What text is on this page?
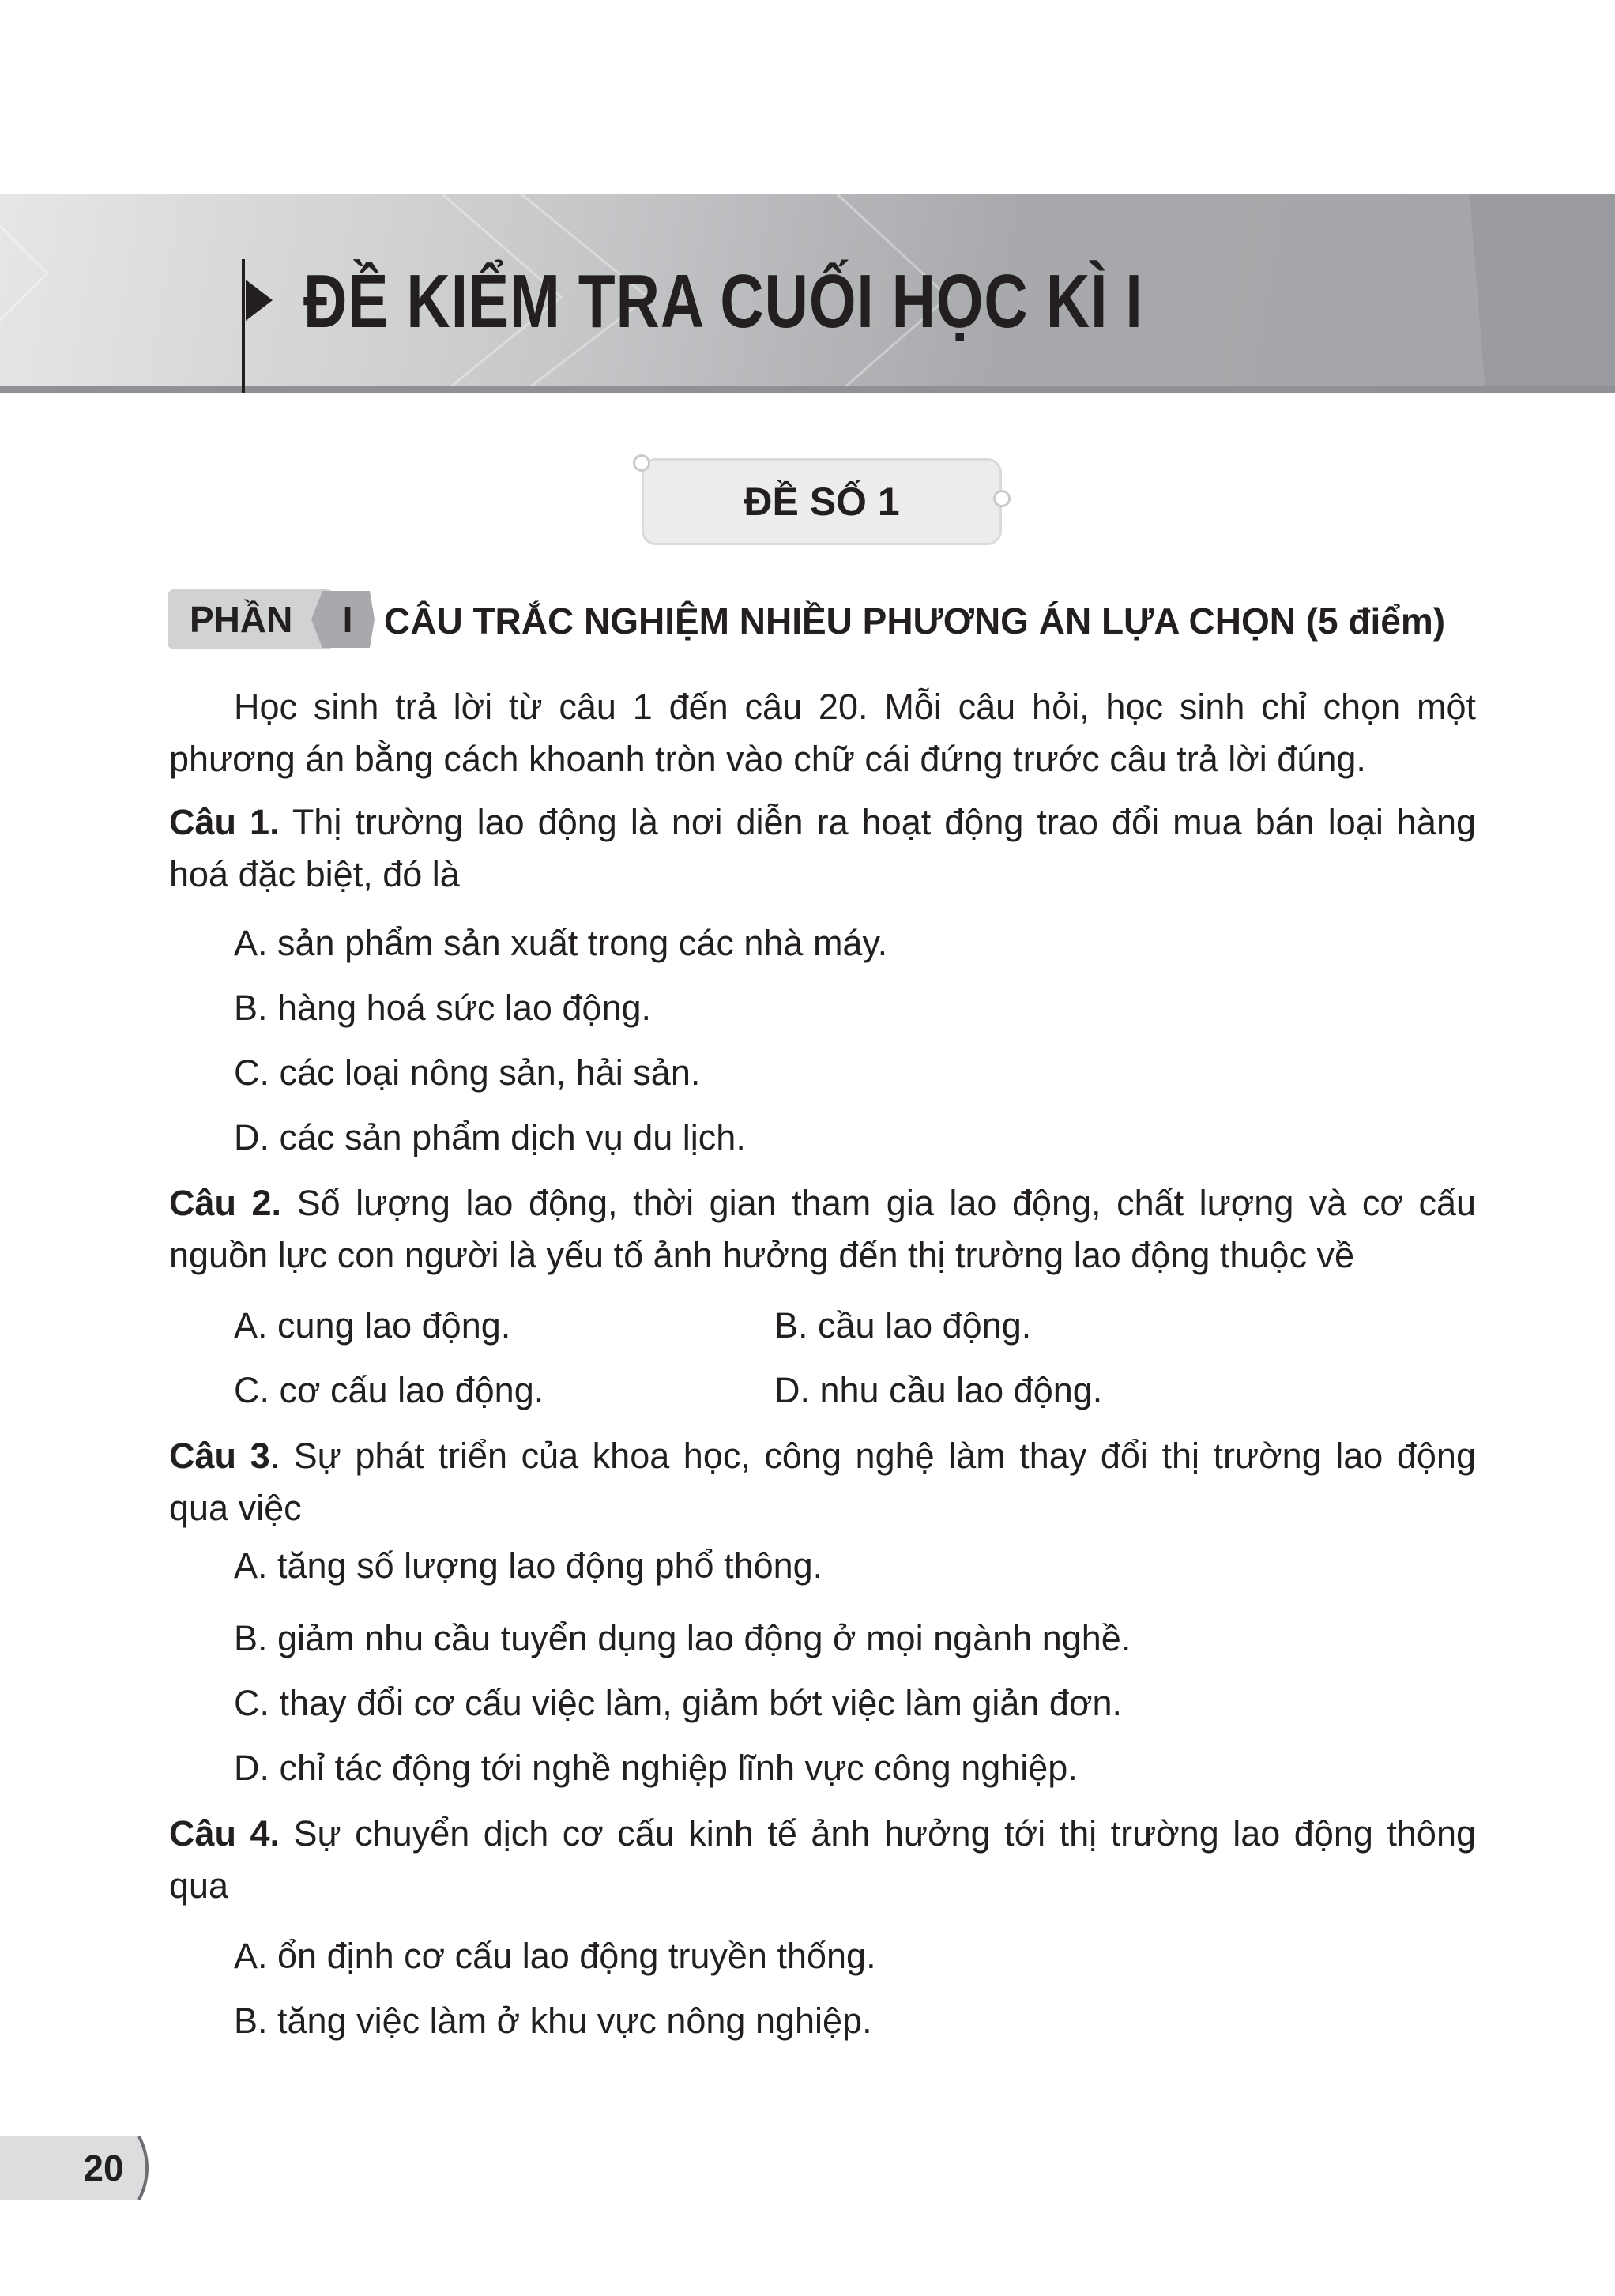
ĐỀ KIỂM TRA CUỐI HỌC KÌ I
ĐỀ SỐ 1
PHẦN	I CÂU TRẮC NGHIỆM NHIỀU PHƯƠNG ÁN LỰA CHỌN (5 điểm)
Học sinh trả lời từ câu 1 đến câu 20. Mỗi câu hỏi, học sinh chỉ chọn một phương án bằng cách khoanh tròn vào chữ cái đứng trước câu trả lời đúng.
Câu 1. Thị trường lao động là nơi diễn ra hoạt động trao đổi mua bán loại hàng hoá đặc biệt, đó là
A. sản phẩm sản xuất trong các nhà máy.
B. hàng hoá sức lao động.
C. các loại nông sản, hải sản.
D. các sản phẩm dịch vụ du lịch.
Câu 2. Số lượng lao động, thời gian tham gia lao động, chất lượng và cơ cấu nguồn lực con người là yếu tố ảnh hưởng đến thị trường lao động thuộc về
A. cung lao động.	B. cầu lao động.
C. cơ cấu lao động.	D. nhu cầu lao động.
Câu 3. Sự phát triển của khoa học, công nghệ làm thay đổi thị trường lao động qua việc
A. tăng số lượng lao động phổ thông.
B. giảm nhu cầu tuyển dụng lao động ở mọi ngành nghề.
C. thay đổi cơ cấu việc làm, giảm bớt việc làm giản đơn.
D. chỉ tác động tới nghề nghiệp lĩnh vực công nghiệp.
Câu 4. Sự chuyển dịch cơ cấu kinh tế ảnh hưởng tới thị trường lao động thông qua
A. ổn định cơ cấu lao động truyền thống.
B. tăng việc làm ở khu vực nông nghiệp.
20
